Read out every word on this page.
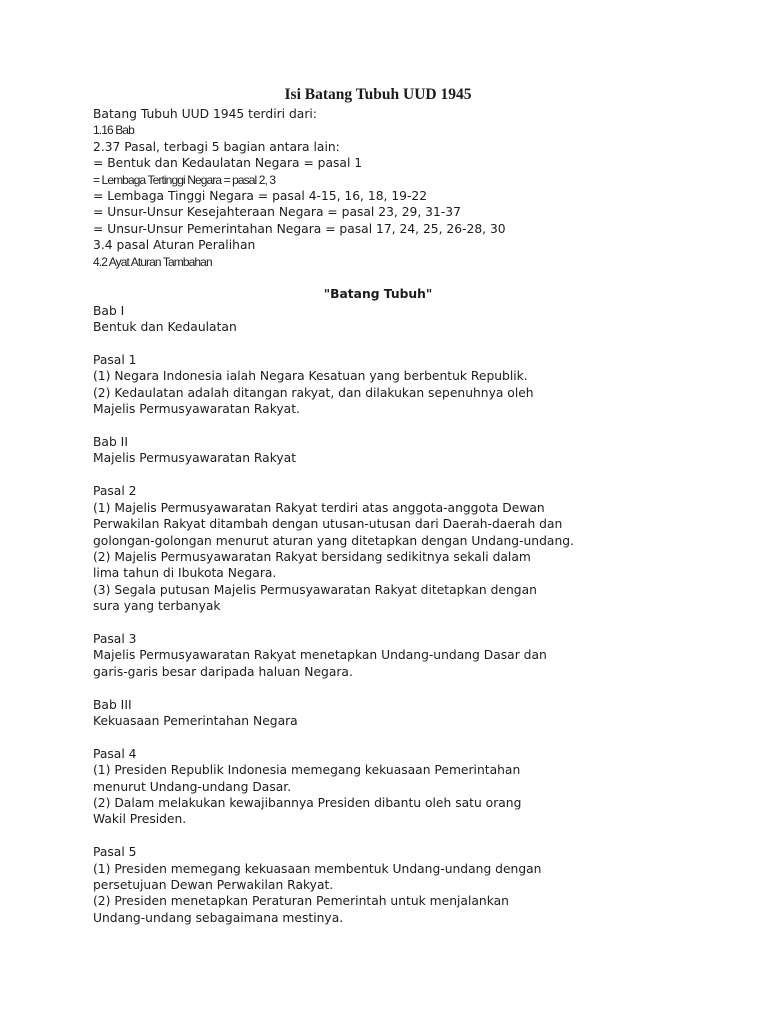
Isi Batang Tubuh UUD 1945
Batang Tubuh UUD 1945 terdiri dari:
1.16 Bab
2.37 Pasal, terbagi 5 bagian antara lain:
= Bentuk dan Kedaulatan Negara = pasal 1
= Lembaga Tertinggi Negara = pasal 2, 3
= Lembaga Tinggi Negara = pasal 4-15, 16, 18, 19-22
= Unsur-Unsur Kesejahteraan Negara = pasal 23, 29, 31-37
= Unsur-Unsur Pemerintahan Negara = pasal 17, 24, 25, 26-28, 30
3.4 pasal Aturan Peralihan
4.2 Ayat Aturan Tambahan
"Batang Tubuh"
Bab I
Bentuk dan Kedaulatan
Pasal 1
(1) Negara Indonesia ialah Negara Kesatuan yang berbentuk Republik.
(2) Kedaulatan adalah ditangan rakyat, dan dilakukan sepenuhnya oleh
Majelis Permusyawaratan Rakyat.
Bab II
Majelis Permusyawaratan Rakyat
Pasal 2
(1) Majelis Permusyawaratan Rakyat terdiri atas anggota-anggota Dewan
Perwakilan Rakyat ditambah dengan utusan-utusan dari Daerah-daerah dan
golongan-golongan menurut aturan yang ditetapkan dengan Undang-undang.
(2) Majelis Permusyawaratan Rakyat bersidang sedikitnya sekali dalam
lima tahun di Ibukota Negara.
(3) Segala putusan Majelis Permusyawaratan Rakyat ditetapkan dengan
sura yang terbanyak
Pasal 3
Majelis Permusyawaratan Rakyat menetapkan Undang-undang Dasar dan
garis-garis besar daripada haluan Negara.
Bab III
Kekuasaan Pemerintahan Negara
Pasal 4
(1) Presiden Republik Indonesia memegang kekuasaan Pemerintahan
menurut Undang-undang Dasar.
(2) Dalam melakukan kewajibannya Presiden dibantu oleh satu orang
Wakil Presiden.
Pasal 5
(1) Presiden memegang kekuasaan membentuk Undang-undang dengan
persetujuan Dewan Perwakilan Rakyat.
(2) Presiden menetapkan Peraturan Pemerintah untuk menjalankan
Undang-undang sebagaimana mestinya.
